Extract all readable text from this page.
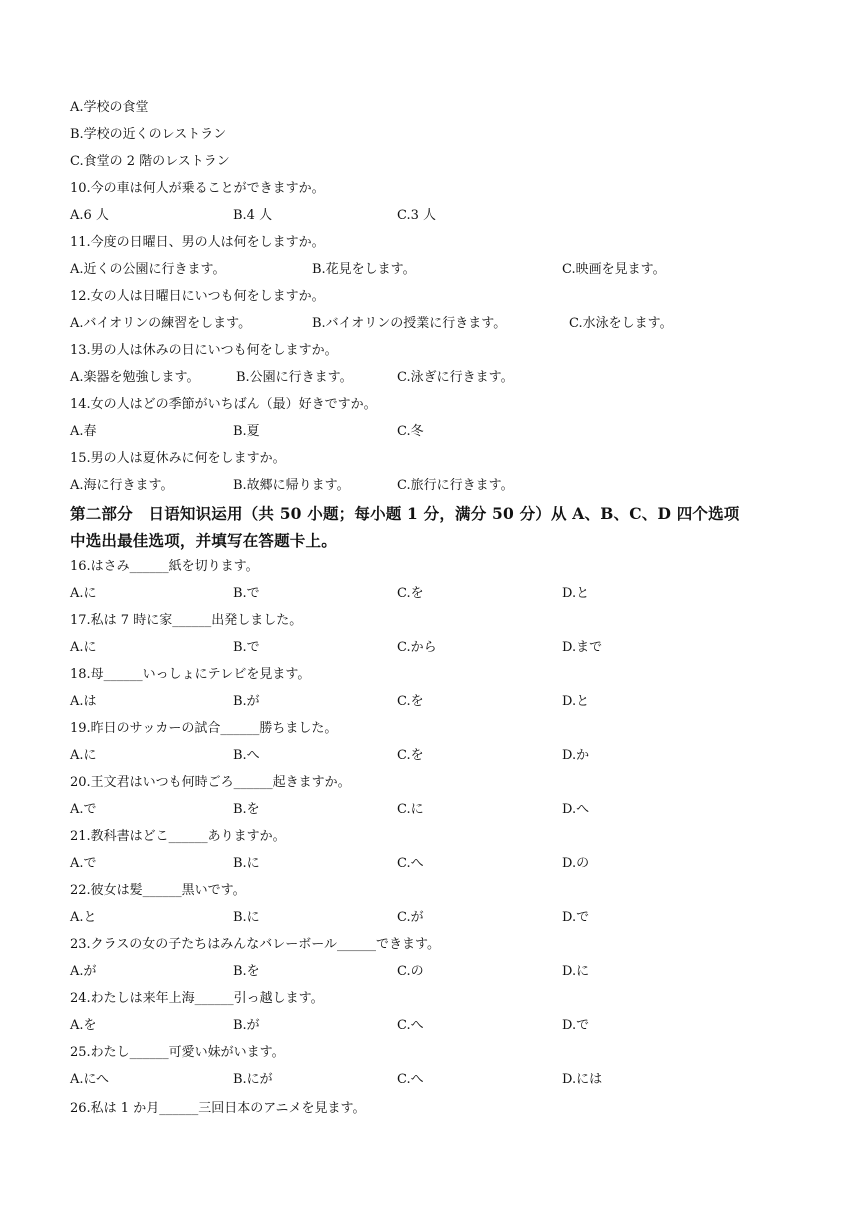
A.学校の食堂
B.学校の近くのレストラン
C.食堂の 2 階のレストラン
10.今の車は何人が乗ることができますか。
A.6 人	B.4 人	C.3 人
11.今度の日曜日、男の人は何をしますか。
A.近くの公園に行きます。	B.花見をします。	C.映画を見ます。
12.女の人は日曜日にいつも何をしますか。
A.バイオリンの練習をします。	B.バイオリンの授業に行きます。	C.水泳をします。
13.男の人は休みの日にいつも何をしますか。
A.楽器を勉強します。	B.公園に行きます。	C.泳ぎに行きます。
14.女の人はどの季節がいちばん（最）好きですか。
A.春	B.夏	C.冬
15.男の人は夏休みに何をしますか。
A.海に行きます。	B.故郷に帰ります。	C.旅行に行きます。
第二部分　日语知识运用（共 50 小题；每小题 1 分，满分 50 分）从 A、B、C、D 四个选项
中选出最佳选项，并填写在答题卡上。
16.はさみ______紙を切ります。
A.に	B.で	C.を	D.と
17.私は 7 時に家______出発しました。
A.に	B.で	C.から	D.まで
18.母______いっしょにテレビを見ます。
A.は	B.が	C.を	D.と
19.昨日のサッカーの試合______勝ちました。
A.に	B.へ	C.を	D.か
20.王文君はいつも何時ごろ______起きますか。
A.で	B.を	C.に	D.へ
21.教科書はどこ______ありますか。
A.で	B.に	C.へ	D.の
22.彼女は髪______黒いです。
A.と	B.に	C.が	D.で
23.クラスの女の子たちはみんなバレーボール______できます。
A.が	B.を	C.の	D.に
24.わたしは来年上海______引っ越します。
A.を	B.が	C.へ	D.で
25.わたし______可愛い妹がいます。
A.にへ	B.にが	C.へ	D.には
26.私は 1 か月______三回日本のアニメを見ます。
